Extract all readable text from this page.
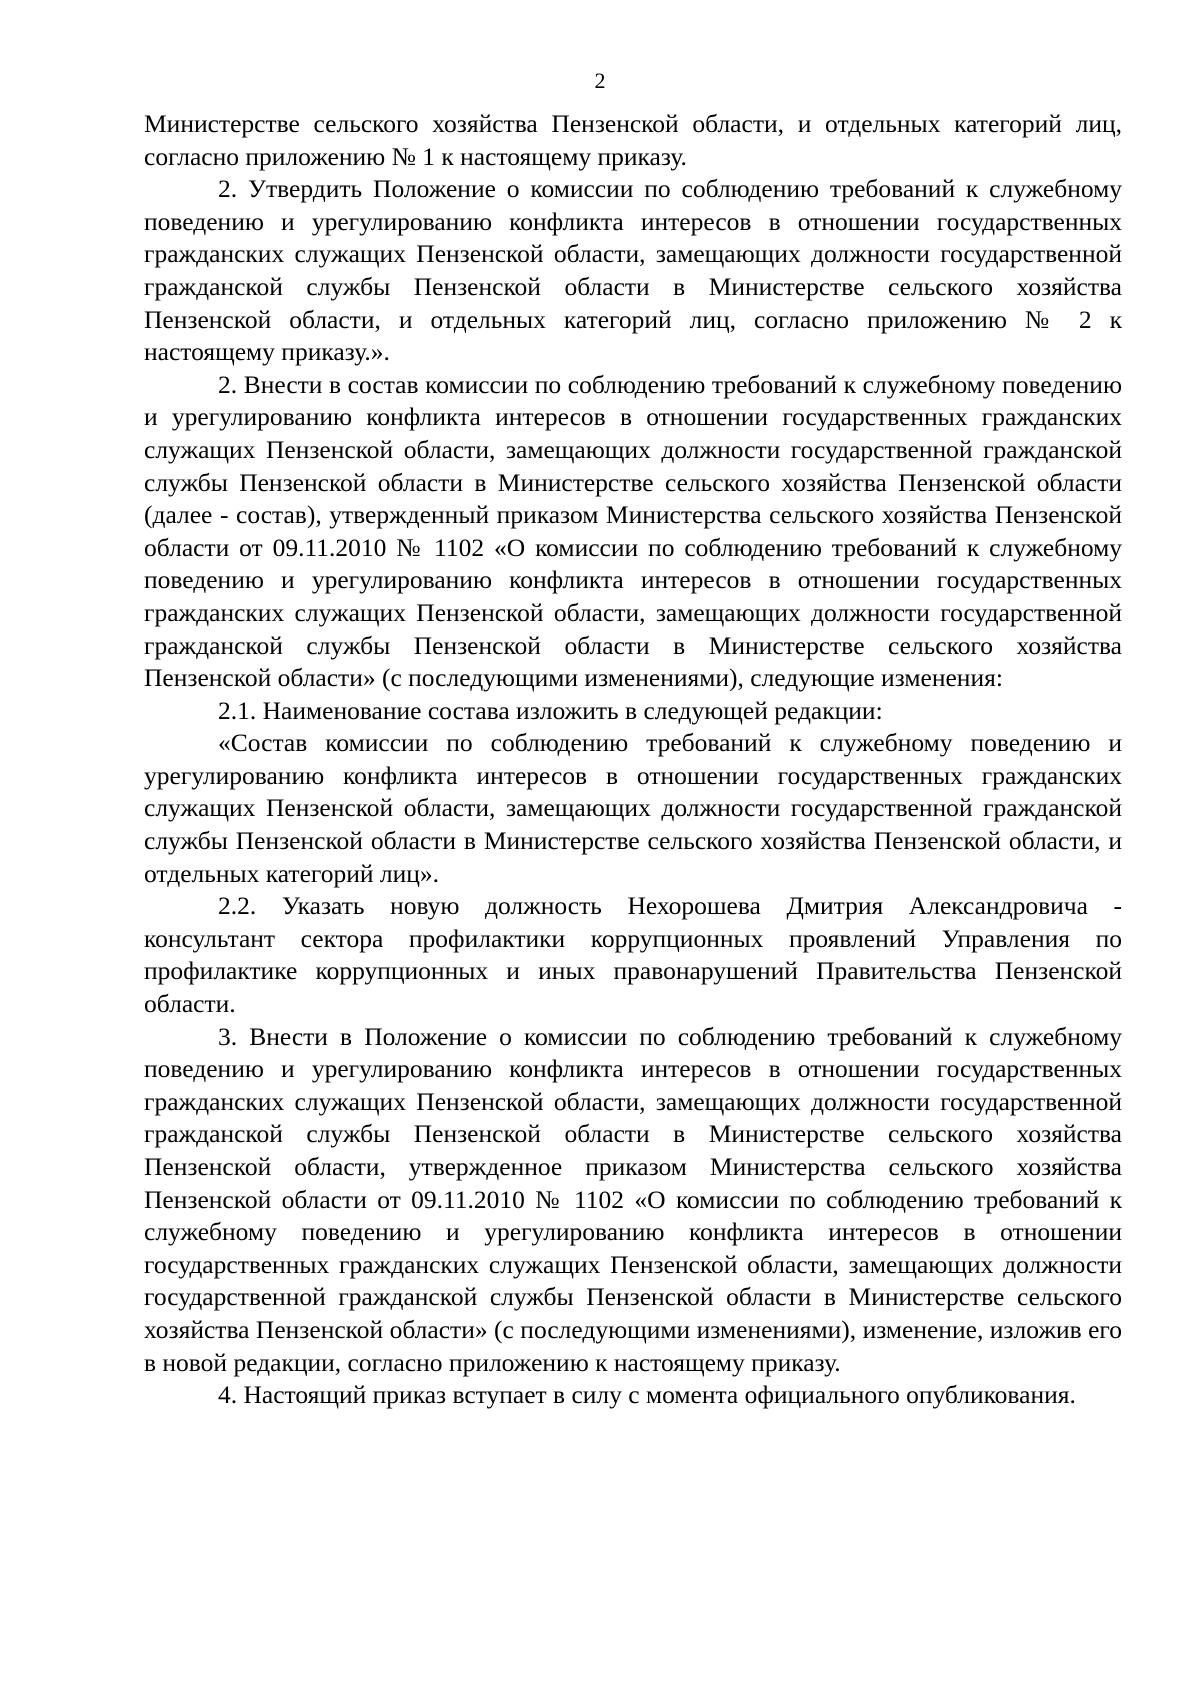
2

Министерстве сельского хозяйства Пензенской области, и отдельных категорий лиц, согласно приложению № 1 к настоящему приказу.

2. Утвердить Положение о комиссии по соблюдению требований к служебному поведению и урегулированию конфликта интересов в отношении государственных гражданских служащих Пензенской области, замещающих должности государственной гражданской службы Пензенской области в Министерстве сельского хозяйства Пензенской области, и отдельных категорий лиц, согласно приложению № 2 к настоящему приказу.».

2. Внести в состав комиссии по соблюдению требований к служебному поведению и урегулированию конфликта интересов в отношении государственных гражданских служащих Пензенской области, замещающих должности государственной гражданской службы Пензенской области в Министерстве сельского хозяйства Пензенской области (далее - состав), утвержденный приказом Министерства сельского хозяйства Пензенской области от 09.11.2010 № 1102 «О комиссии по соблюдению требований к служебному поведению и урегулированию конфликта интересов в отношении государственных гражданских служащих Пензенской области, замещающих должности государственной гражданской службы Пензенской области в Министерстве сельского хозяйства Пензенской области» (с последующими изменениями), следующие изменения:

2.1. Наименование состава изложить в следующей редакции:

«Состав комиссии по соблюдению требований к служебному поведению и урегулированию конфликта интересов в отношении государственных гражданских служащих Пензенской области, замещающих должности государственной гражданской службы Пензенской области в Министерстве сельского хозяйства Пензенской области, и отдельных категорий лиц».

2.2. Указать новую должность Нехорошева Дмитрия Александровича - консультант сектора профилактики коррупционных проявлений Управления по профилактике коррупционных и иных правонарушений Правительства Пензенской области.

3. Внести в Положение о комиссии по соблюдению требований к служебному поведению и урегулированию конфликта интересов в отношении государственных гражданских служащих Пензенской области, замещающих должности государственной гражданской службы Пензенской области в Министерстве сельского хозяйства Пензенской области, утвержденное приказом Министерства сельского хозяйства Пензенской области от 09.11.2010 № 1102 «О комиссии по соблюдению требований к служебному поведению и урегулированию конфликта интересов в отношении государственных гражданских служащих Пензенской области, замещающих должности государственной гражданской службы Пензенской области в Министерстве сельского хозяйства Пензенской области» (с последующими изменениями), изменение, изложив его в новой редакции, согласно приложению к настоящему приказу.

4. Настоящий приказ вступает в силу с момента официального опубликования.
